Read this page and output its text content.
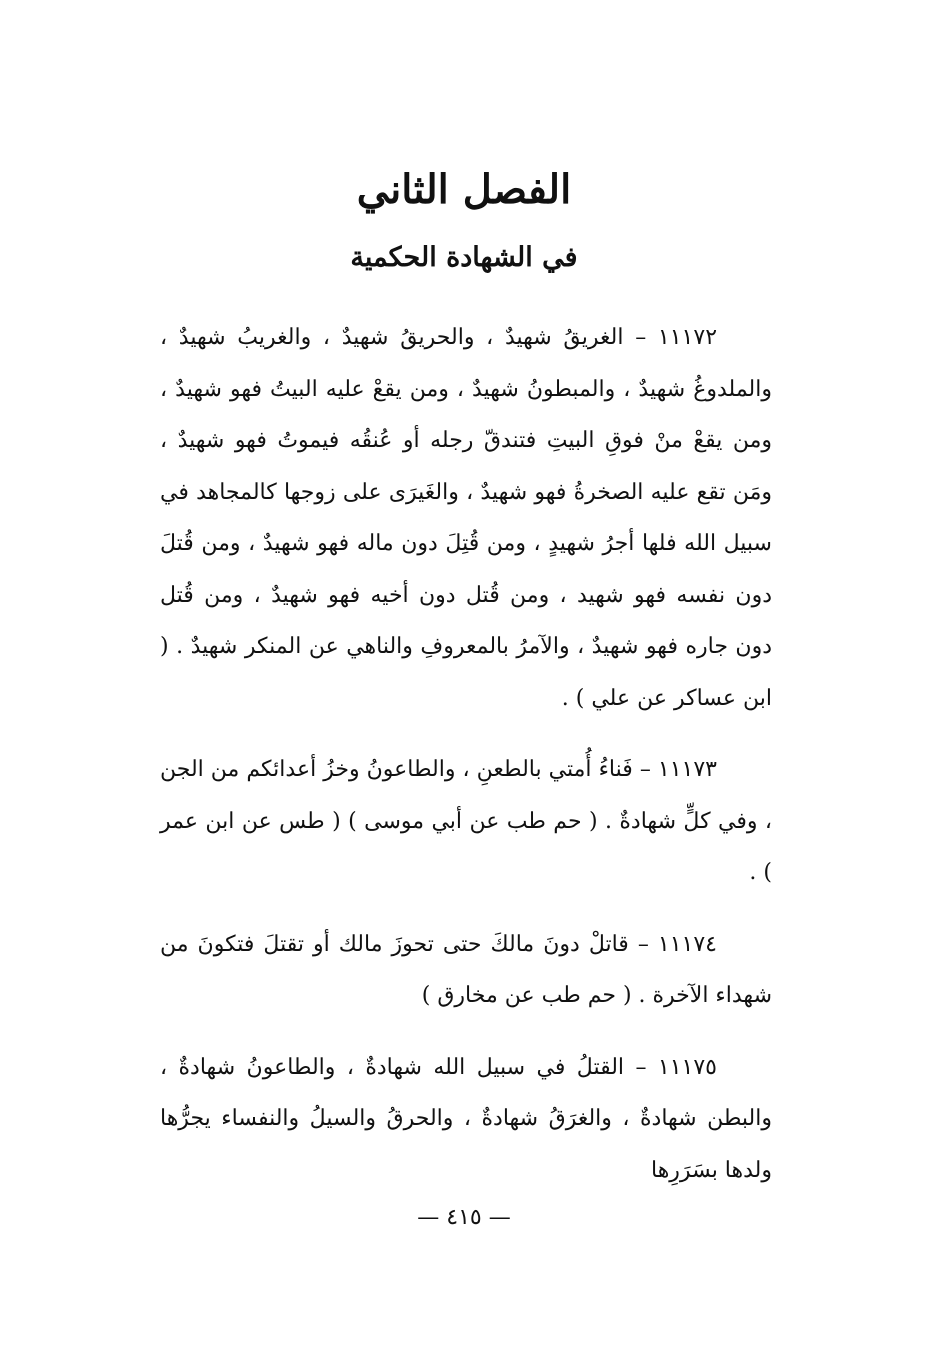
الفصل الثاني
في الشهادة الحكمية

١١١٧٢ – الغريقُ شهيدٌ ، والحريقُ شهيدٌ ، والغريبُ شهيدٌ ، والملدوغُ شهيدٌ ، والمبطونُ شهيدٌ ، ومن يقعْ عليه البيتُ فهو شهيدٌ ، ومن يقعْ منْ فوقِ البيتِ فتندقّ رجله أو عُنقُه فيموتُ فهو شهيدٌ ، ومَن تقع عليه الصخرةُ فهو شهيدٌ ، والغَيرَى على زوجها كالمجاهد في سبيل الله فلها أجرُ شهيدٍ ، ومن قُتِلَ دون ماله فهو شهيدٌ ، ومن قُتلَ دون نفسه فهو شهيد ، ومن قُتل دون أخيه فهو شهيدٌ ، ومن قُتل دون جاره فهو شهيدٌ ، والآمرُ بالمعروفِ والناهي عن المنكر شهيدٌ . ( ابن عساكر عن علي ) .

١١١٧٣ – فَناءُ أُمتي بالطعنِ ، والطاعونُ وخزُ أعدائكم من الجن ، وفي كلٍّ شهادةٌ . ( حم طب عن أبي موسى ) ( طس عن ابن عمر ) .

١١١٧٤ – قاتلْ دونَ مالكَ حتى تحوزَ مالك أو تقتلَ فتكونَ من شهداء الآخرة . ( حم طب عن مخارق )

١١١٧٥ – القتلُ في سبيل الله شهادةٌ ، والطاعونُ شهادةٌ ، والبطن شهادةٌ ، والغرَقُ شهادةٌ ، والحرقُ والسيلُ والنفساء يجرُّها ولدها بسَرَرِها

— ٤١٥ —
